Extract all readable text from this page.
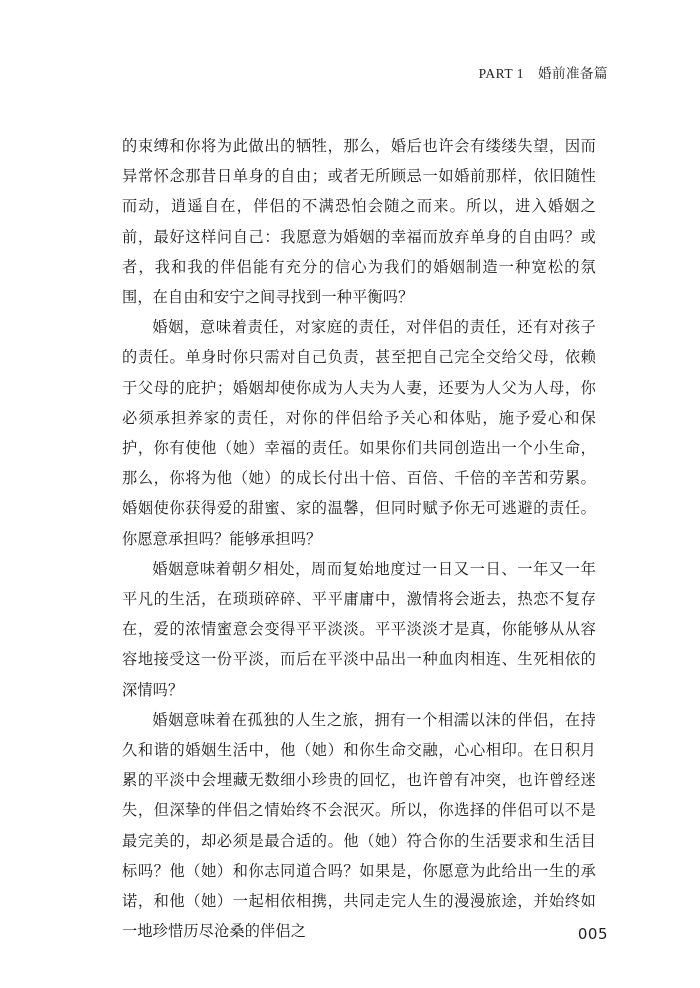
PART 1 婚前准备篇

的束缚和你将为此做出的牺牲，那么，婚后也许会有缕缕失望，因而异常怀念那昔日单身的自由；或者无所顾忌一如婚前那样，依旧随性而动，逍遥自在，伴侣的不满恐怕会随之而来。所以，进入婚姻之前，最好这样问自己：我愿意为婚姻的幸福而放弃单身的自由吗？或者，我和我的伴侣能有充分的信心为我们的婚姻制造一种宽松的氛围，在自由和安宁之间寻找到一种平衡吗？

婚姻，意味着责任，对家庭的责任，对伴侣的责任，还有对孩子的责任。单身时你只需对自己负责，甚至把自己完全交给父母，依赖于父母的庇护；婚姻却使你成为人夫为人妻，还要为人父为人母，你必须承担养家的责任，对你的伴侣给予关心和体贴，施予爱心和保护，你有使他（她）幸福的责任。如果你们共同创造出一个小生命，那么，你将为他（她）的成长付出十倍、百倍、千倍的辛苦和劳累。婚姻使你获得爱的甜蜜、家的温馨，但同时赋予你无可逃避的责任。你愿意承担吗？能够承担吗？

婚姻意味着朝夕相处，周而复始地度过一日又一日、一年又一年平凡的生活，在琐琐碎碎、平平庸庸中，激情将会逝去，热恋不复存在，爱的浓情蜜意会变得平平淡淡。平平淡淡才是真，你能够从从容容地接受这一份平淡，而后在平淡中品出一种血肉相连、生死相依的深情吗？

婚姻意味着在孤独的人生之旅，拥有一个相濡以沫的伴侣，在持久和谐的婚姻生活中，他（她）和你生命交融，心心相印。在日积月累的平淡中会埋藏无数细小珍贵的回忆，也许曾有冲突，也许曾经迷失，但深挚的伴侣之情始终不会泯灭。所以，你选择的伴侣可以不是最完美的，却必须是最合适的。他（她）符合你的生活要求和生活目标吗？他（她）和你志同道合吗？如果是，你愿意为此给出一生的承诺，和他（她）一起相依相携，共同走完人生的漫漫旅途，并始终如一地珍惜历尽沧桑的伴侣之	005
